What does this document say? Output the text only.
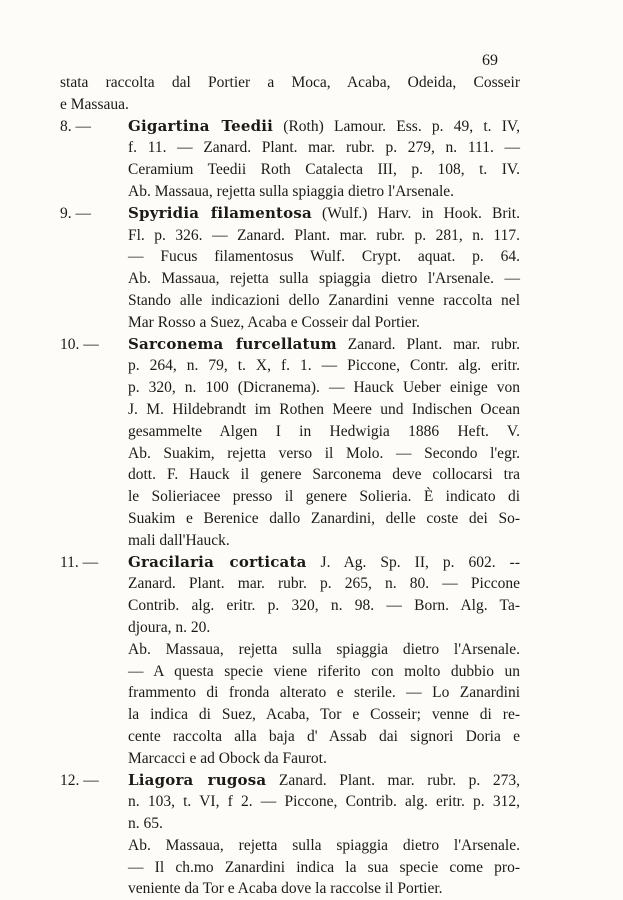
69
stata raccolta dal Portier a Moca, Acaba, Odeida, Cosseir
e Massaua.
8. — Gigartina Teedii (Roth) Lamour. Ess. p. 49, t. IV,
f. 11. — Zanard. Plant. mar. rubr. p. 279, n. 111. —
Ceramium Teedii Roth Catalecta III, p. 108, t. IV.
Ab. Massaua, rejetta sulla spiaggia dietro l'Arsenale.
9. — Spyridia filamentosa (Wulf.) Harv. in Hook. Brit.
Fl. p. 326. — Zanard. Plant. mar. rubr. p. 281, n. 117.
— Fucus filamentosus Wulf. Crypt. aquat. p. 64.
Ab. Massaua, rejetta sulla spiaggia dietro l'Arsenale. —
Stando alle indicazioni dello Zanardini venne raccolta nel
Mar Rosso a Suez, Acaba e Cosseir dal Portier.
10. — Sarconema furcellatum Zanard. Plant. mar. rubr.
p. 264, n. 79, t. X, f. 1. — Piccone, Contr. alg. eritr.
p. 320, n. 100 (Dicranema). — Hauck Ueber einige von
J. M. Hildebrandt im Rothen Meere und Indischen Ocean
gesammelte Algen I in Hedwigia 1886 Heft. V.
Ab. Suakim, rejetta verso il Molo. — Secondo l'egr.
dott. F. Hauck il genere Sarconema deve collocarsi tra
le Solieriacee presso il genere Solieria. È indicato di
Suakim e Berenice dallo Zanardini, delle coste dei So-
mali dall'Hauck.
11. — Gracilaria corticata J. Ag. Sp. II, p. 602. --
Zanard. Plant. mar. rubr. p. 265, n. 80. — Piccone
Contrib. alg. eritr. p. 320, n. 98. — Born. Alg. Ta-
djoura, n. 20.
Ab. Massaua, rejetta sulla spiaggia dietro l'Arsenale.
— A questa specie viene riferito con molto dubbio un
frammento di fronda alterato e sterile. — Lo Zanardini
la indica di Suez, Acaba, Tor e Cosseir; venne di re-
cente raccolta alla baja d' Assab dai signori Doria e
Marcacci e ad Obock da Faurot.
12. — Liagora rugosa Zanard. Plant. mar. rubr. p. 273,
n. 103, t. VI, f 2. — Piccone, Contrib. alg. eritr. p. 312,
n. 65.
Ab. Massaua, rejetta sulla spiaggia dietro l'Arsenale.
— Il ch.mo Zanardini indica la sua specie come pro-
veniente da Tor e Acaba dove la raccolse il Portier.
